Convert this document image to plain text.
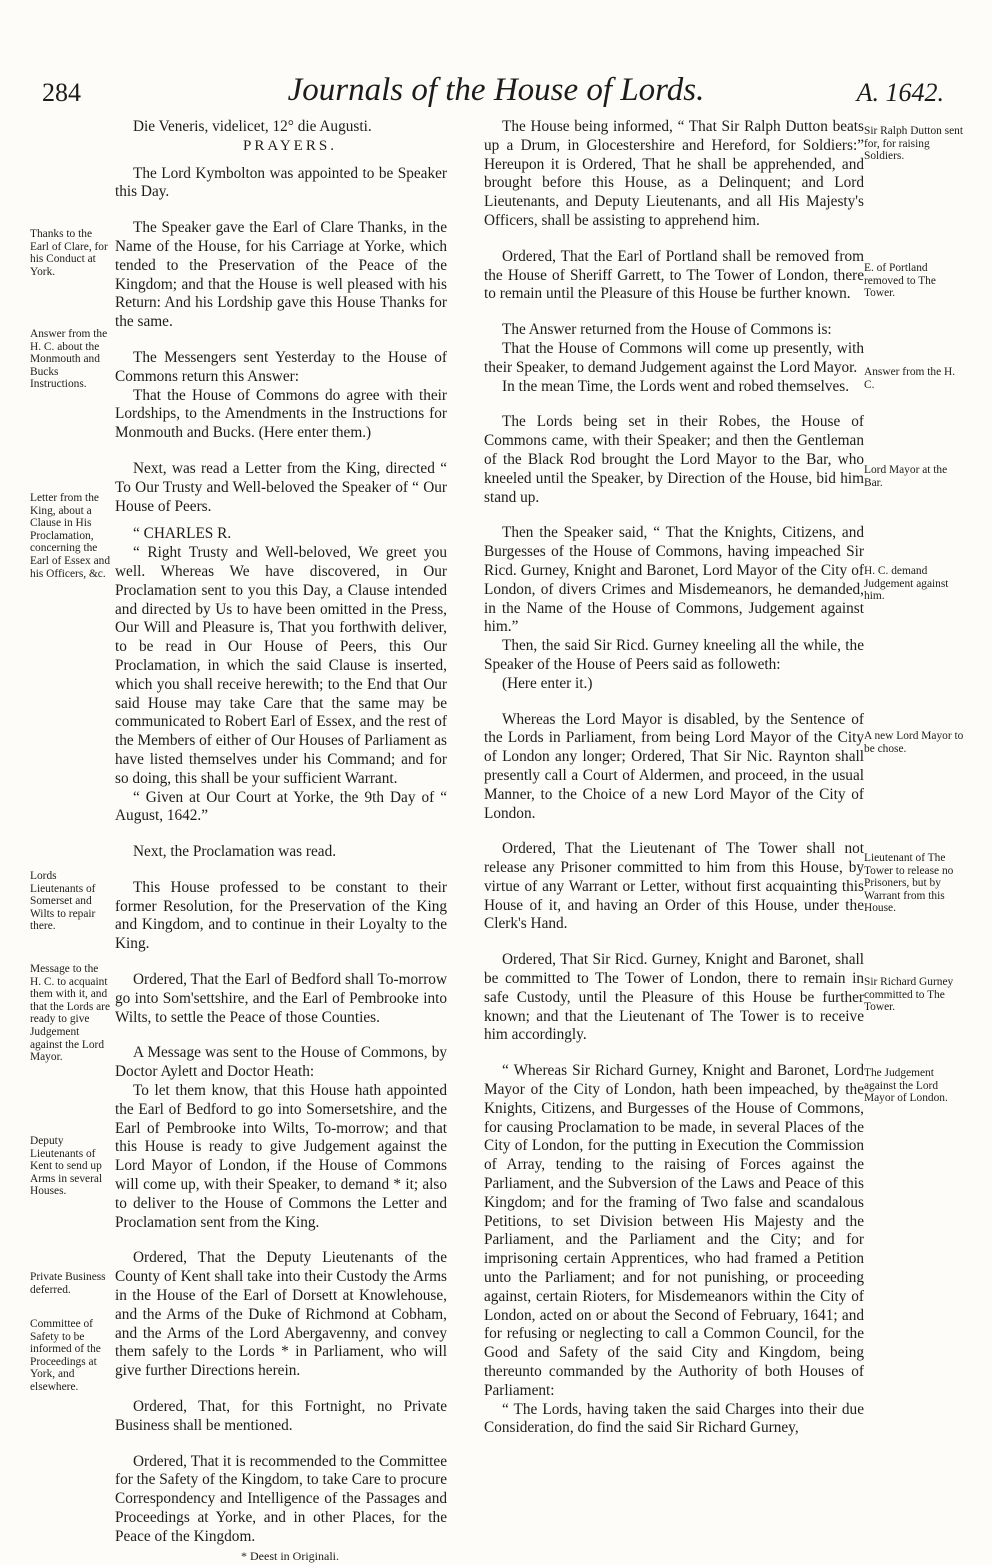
284	Journals of the House of Lords.	A. 1642.

Die Veneris, videlicet, 12° die Augusti.

PRAYERS.

The Lord Kymbolton was appointed to be Speaker this Day.

The Speaker gave the Earl of Clare Thanks, in the Name of the House, for his Carriage at Yorke, which tended to the Preservation of the Peace of the Kingdom; and that the House is well pleased with his Return: And his Lordship gave this House Thanks for the same.

The Messengers sent Yesterday to the House of Commons return this Answer:

That the House of Commons do agree with their Lordships, to the Amendments in the Instructions for Monmouth and Bucks. (Here enter them.)

Next, was read a Letter from the King, directed “ To Our Trusty and Well-beloved the Speaker of “ Our House of Peers.

“ CHARLES R.

“ Right Trusty and Well-beloved, We greet you well. Whereas We have discovered, in Our Proclamation sent to you this Day, a Clause intended and directed by Us to have been omitted in the Press, Our Will and Pleasure is, That you forthwith deliver, to be read in Our House of Peers, this Our Proclamation, in which the said Clause is inserted, which you shall receive herewith; to the End that Our said House may take Care that the same may be communicated to Robert Earl of Essex, and the rest of the Members of either of Our Houses of Parliament as have listed themselves under his Command; and for so doing, this shall be your sufficient Warrant.

“ Given at Our Court at Yorke, the 9th Day of “ August, 1642.”

Next, the Proclamation was read.

This House professed to be constant to their former Resolution, for the Preservation of the King and Kingdom, and to continue in their Loyalty to the King.

Ordered, That the Earl of Bedford shall To-morrow go into Som'settshire, and the Earl of Pembrooke into Wilts, to settle the Peace of those Counties.

A Message was sent to the House of Commons, by Doctor Aylett and Doctor Heath:

To let them know, that this House hath appointed the Earl of Bedford to go into Somersetshire, and the Earl of Pembrooke into Wilts, To-morrow; and that this House is ready to give Judgement against the Lord Mayor of London, if the House of Commons will come up, with their Speaker, to demand * it; also to deliver to the House of Commons the Letter and Proclamation sent from the King.

Ordered, That the Deputy Lieutenants of the County of Kent shall take into their Custody the Arms in the House of the Earl of Dorsett at Knowlehouse, and the Arms of the Duke of Richmond at Cobham, and the Arms of the Lord Abergavenny, and convey them safely to the Lords * in Parliament, who will give further Directions herein.

Ordered, That, for this Fortnight, no Private Business shall be mentioned.

Ordered, That it is recommended to the Committee for the Safety of the Kingdom, to take Care to procure Correspondency and Intelligence of the Passages and Proceedings at Yorke, and in other Places, for the Peace of the Kingdom.

* Deest in Originali.

The House being informed, “ That Sir Ralph Dutton beats up a Drum, in Glocestershire and Hereford, for Soldiers:” Hereupon it is Ordered, That he shall be apprehended, and brought before this House, as a Delinquent; and Lord Lieutenants, and Deputy Lieutenants, and all His Majesty's Officers, shall be assisting to apprehend him.

Ordered, That the Earl of Portland shall be removed from the House of Sheriff Garrett, to The Tower of London, there to remain until the Pleasure of this House be further known.

The Answer returned from the House of Commons is:

That the House of Commons will come up presently, with their Speaker, to demand Judgement against the Lord Mayor.

In the mean Time, the Lords went and robed themselves.

The Lords being set in their Robes, the House of Commons came, with their Speaker; and then the Gentleman of the Black Rod brought the Lord Mayor to the Bar, who kneeled until the Speaker, by Direction of the House, bid him stand up.

Then the Speaker said, “ That the Knights, Citizens, and Burgesses of the House of Commons, having impeached Sir Ricd. Gurney, Knight and Baronet, Lord Mayor of the City of London, of divers Crimes and Misdemeanors, he demanded, in the Name of the House of Commons, Judgement against him.”

Then, the said Sir Ricd. Gurney kneeling all the while, the Speaker of the House of Peers said as followeth:

(Here enter it.)

Whereas the Lord Mayor is disabled, by the Sentence of the Lords in Parliament, from being Lord Mayor of the City of London any longer; Ordered, That Sir Nic. Raynton shall presently call a Court of Aldermen, and proceed, in the usual Manner, to the Choice of a new Lord Mayor of the City of London.

Ordered, That the Lieutenant of The Tower shall not release any Prisoner committed to him from this House, by virtue of any Warrant or Letter, without first acquainting this House of it, and having an Order of this House, under the Clerk's Hand.

Ordered, That Sir Ricd. Gurney, Knight and Baronet, shall be committed to The Tower of London, there to remain in safe Custody, until the Pleasure of this House be further known; and that the Lieutenant of The Tower is to receive him accordingly.

“ Whereas Sir Richard Gurney, Knight and Baronet, Lord Mayor of the City of London, hath been impeached, by the Knights, Citizens, and Burgesses of the House of Commons, for causing Proclamation to be made, in several Places of the City of London, for the putting in Execution the Commission of Array, tending to the raising of Forces against the Parliament, and the Subversion of the Laws and Peace of this Kingdom; and for the framing of Two false and scandalous Petitions, to set Division between His Majesty and the Parliament, and the Parliament and the City; and for imprisoning certain Apprentices, who had framed a Petition unto the Parliament; and for not punishing, or proceeding against, certain Rioters, for Misdemeanors within the City of London, acted on or about the Second of February, 1641; and for refusing or neglecting to call a Common Council, for the Good and Safety of the said City and Kingdom, being thereunto commanded by the Authority of both Houses of Parliament:

“ The Lords, having taken the said Charges into their due Consideration, do find the said Sir Richard Gurney,

Thanks to the Earl of Clare, for his Conduct at York.
Answer from the H. C. about the Monmouth and Bucks Instructions.
Letter from the King, about a Clause in His Proclamation, concerning the Earl of Essex and his Officers, &c.
Lords Lieutenants of Somerset and Wilts to repair there.
Message to the H. C. to acquaint them with it, and that the Lords are ready to give Judgement against the Lord Mayor.
Deputy Lieutenants of Kent to send up Arms in several Houses.
Private Business deferred.
Committee of Safety to be informed of the Proceedings at York, and elsewhere.
Sir Ralph Dutton sent for, for raising Soldiers.
E. of Portland removed to The Tower.
Answer from the H. C.
Lord Mayor at the Bar.
H. C. demand Judgement against him.
A new Lord Mayor to be chose.
Lieutenant of The Tower to release no Prisoners, but by Warrant from this House.
Sir Richard Gurney committed to The Tower.
The Judgement against the Lord Mayor of London.
